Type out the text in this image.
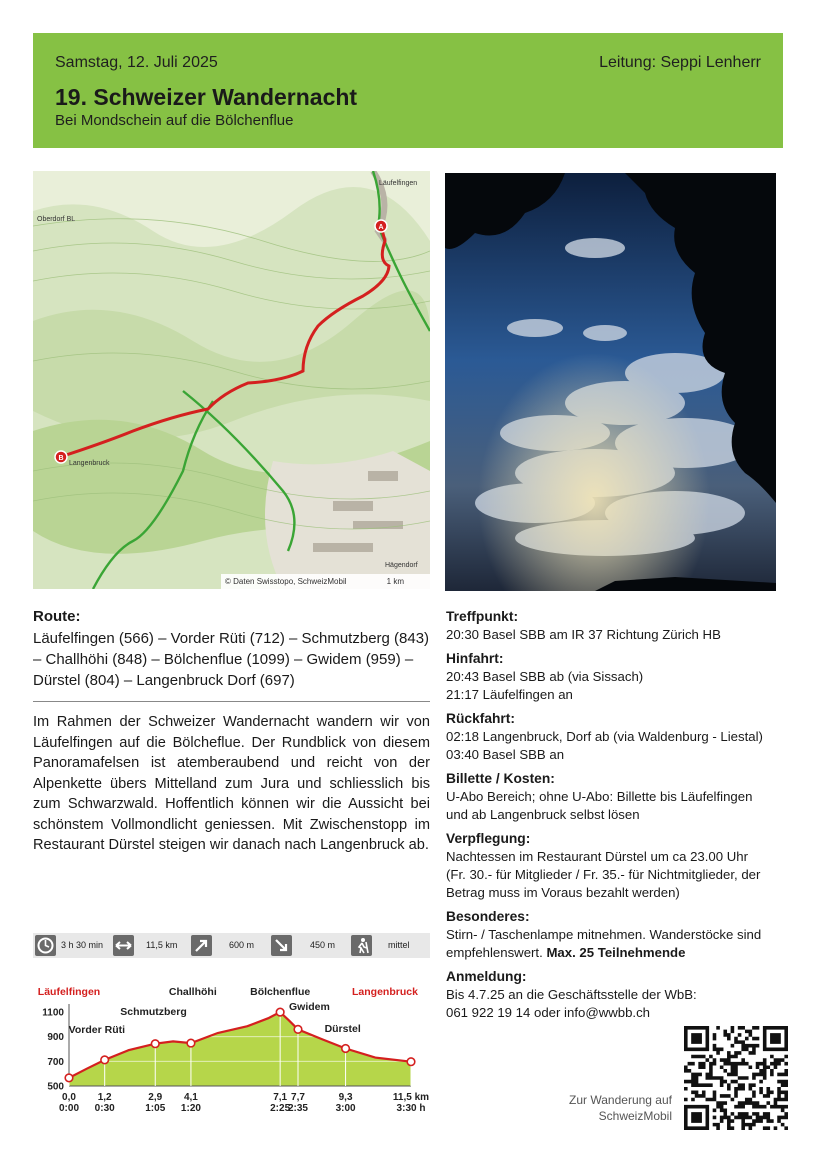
Samstag, 12. Juli 2025	Leitung: Seppi Lenherr
19. Schweizer Wandernacht
Bei Mondschein auf die Bölchenflue
Läufelfingen
Oberdorf BL
Langenbruck
Hägendorf
A
B
© Daten Swisstopo, SchweizMobil	1 km
Route:
Läufelfingen (566) – Vorder Rüti (712) – Schmutzberg (843)
– Challhöhi (848) – Bölchenflue (1099) – Gwidem (959) –
Dürstel (804) – Langenbruck Dorf (697)
Im Rahmen der Schweizer Wandernacht wandern wir von Läufelfingen auf die Bölcheflue. Der Rundblick von diesem Panoramafelsen ist atemberaubend und reicht von der Alpenkette übers Mittelland zum Jura und schliesslich bis zum Schwarzwald. Hoffentlich können wir die Aussicht bei schönstem Vollmondlicht geniessen. Mit Zwischenstopp im Restaurant Dürstel steigen wir danach nach Langenbruck ab.
3 h 30 min	11,5 km	600 m	450 m	mittel
1100
900
700
500
Läufelfingen
0,0
0:00
Vorder Rüti
1,2
0:30
Schmutzberg
2,9
1:05
Challhöhi
4,1
1:20
Bölchenflue
7,1
2:25
Gwidem
7,7
2:35
Dürstel
9,3
3:00
Langenbruck
11,5 km
3:30 h
Treffpunkt:
20:30 Basel SBB am IR 37 Richtung Zürich HB
Hinfahrt:
20:43 Basel SBB ab (via Sissach)
21:17 Läufelfingen an
Rückfahrt:
02:18 Langenbruck, Dorf ab (via Waldenburg - Liestal)
03:40 Basel SBB an
Billette / Kosten:
U-Abo Bereich; ohne U-Abo: Billette bis Läufelfingen
und ab Langenbruck selbst lösen
Verpflegung:
Nachtessen im Restaurant Dürstel um ca 23.00 Uhr
(Fr. 30.- für Mitglieder / Fr. 35.- für Nichtmitglieder, der
Betrag muss im Voraus bezahlt werden)
Besonderes:
Stirn- / Taschenlampe mitnehmen. Wanderstöcke sind
empfehlenswert. Max. 25 Teilnehmende
Anmeldung:
Bis 4.7.25 an die Geschäftsstelle der WbB:
061 922 19 14 oder info@wwbb.ch
Zur Wanderung auf
SchweizMobil
